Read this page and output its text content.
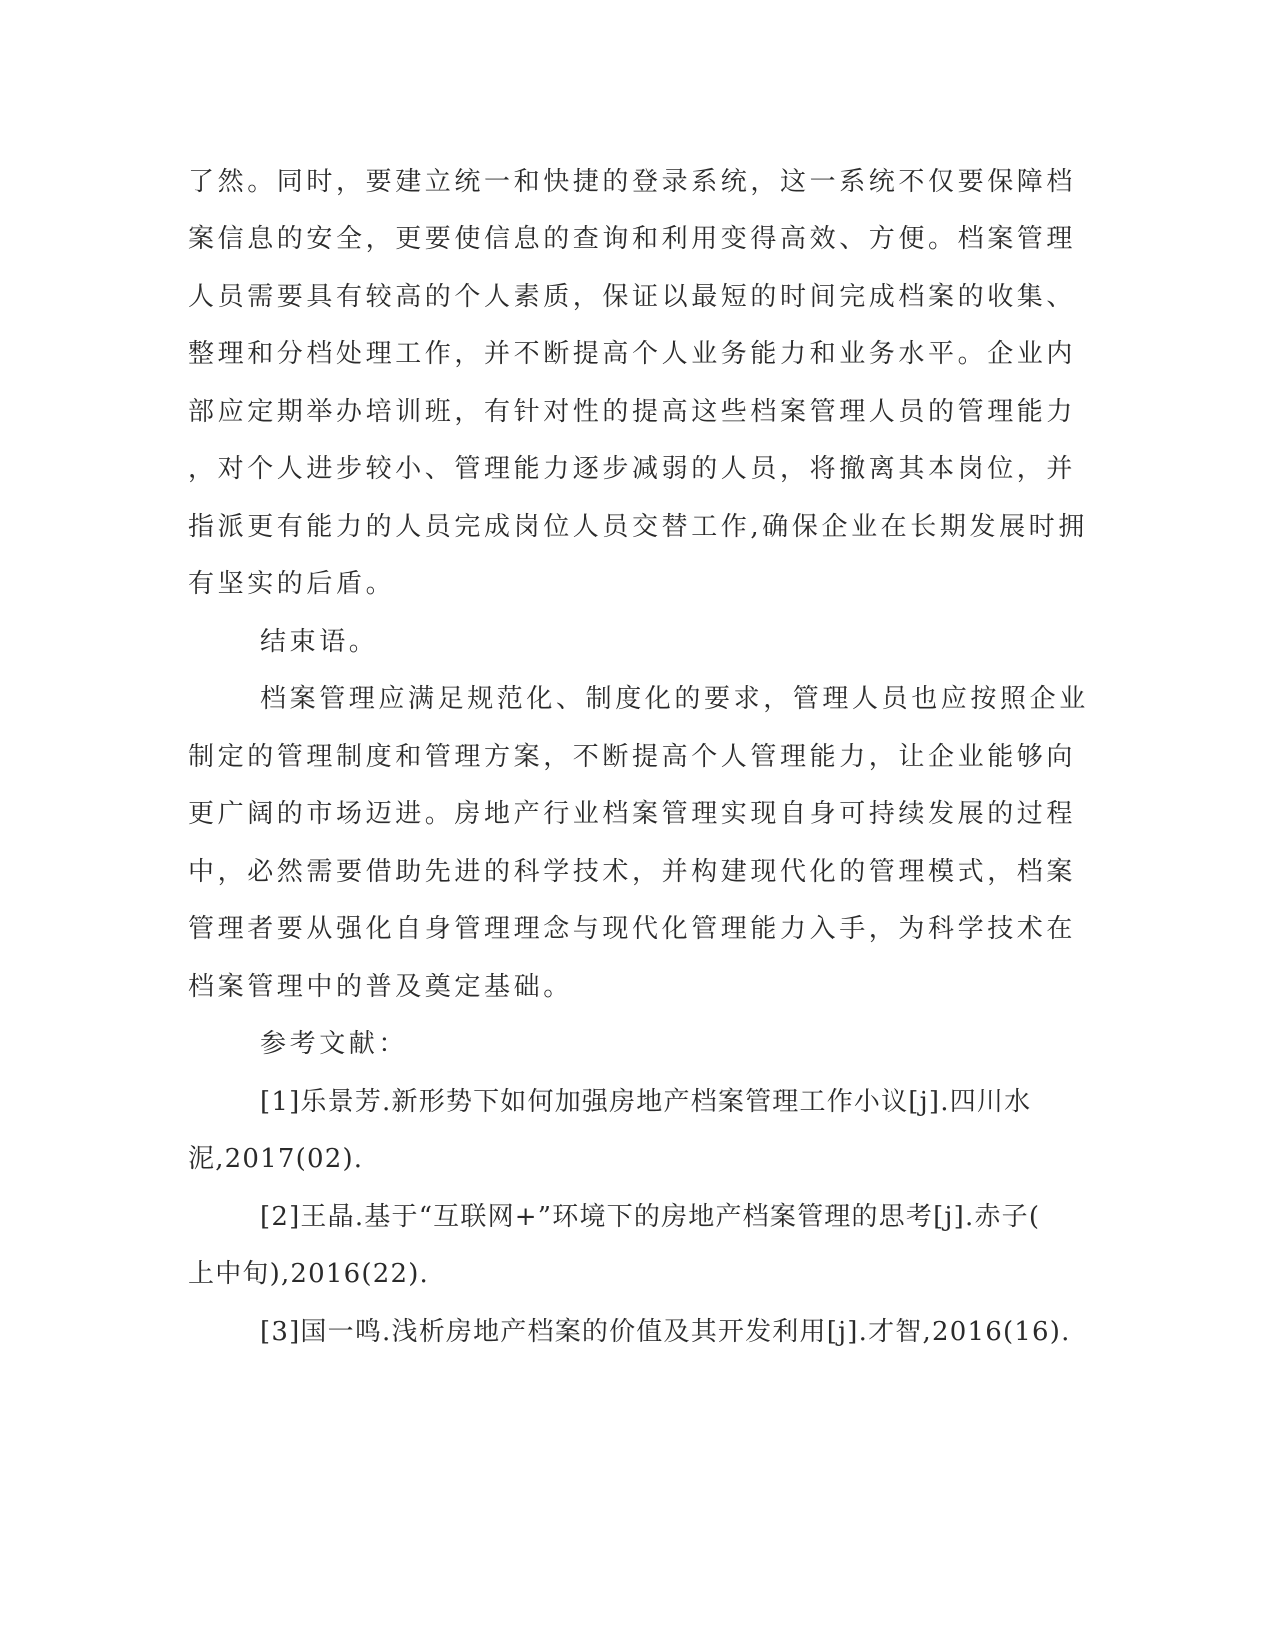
了然。同时，要建立统一和快捷的登录系统，这一系统不仅要保障档
案信息的安全，更要使信息的查询和利用变得高效、方便。档案管理
人员需要具有较高的个人素质，保证以最短的时间完成档案的收集、
整理和分档处理工作，并不断提高个人业务能力和业务水平。企业内
部应定期举办培训班，有针对性的提高这些档案管理人员的管理能力
，对个人进步较小、管理能力逐步减弱的人员，将撤离其本岗位，并
指派更有能力的人员完成岗位人员交替工作,确保企业在长期发展时拥
有坚实的后盾。
结束语。
档案管理应满足规范化、制度化的要求，管理人员也应按照企业
制定的管理制度和管理方案，不断提高个人管理能力，让企业能够向
更广阔的市场迈进。房地产行业档案管理实现自身可持续发展的过程
中，必然需要借助先进的科学技术，并构建现代化的管理模式，档案
管理者要从强化自身管理理念与现代化管理能力入手，为科学技术在
档案管理中的普及奠定基础。
参考文献：
[1]乐景芳.新形势下如何加强房地产档案管理工作小议[j].四川水
泥,2017(02).
[2]王晶.基于“互联网+”环境下的房地产档案管理的思考[j].赤子(
上中旬),2016(22).
[3]国一鸣.浅析房地产档案的价值及其开发利用[j].才智,2016(16).
